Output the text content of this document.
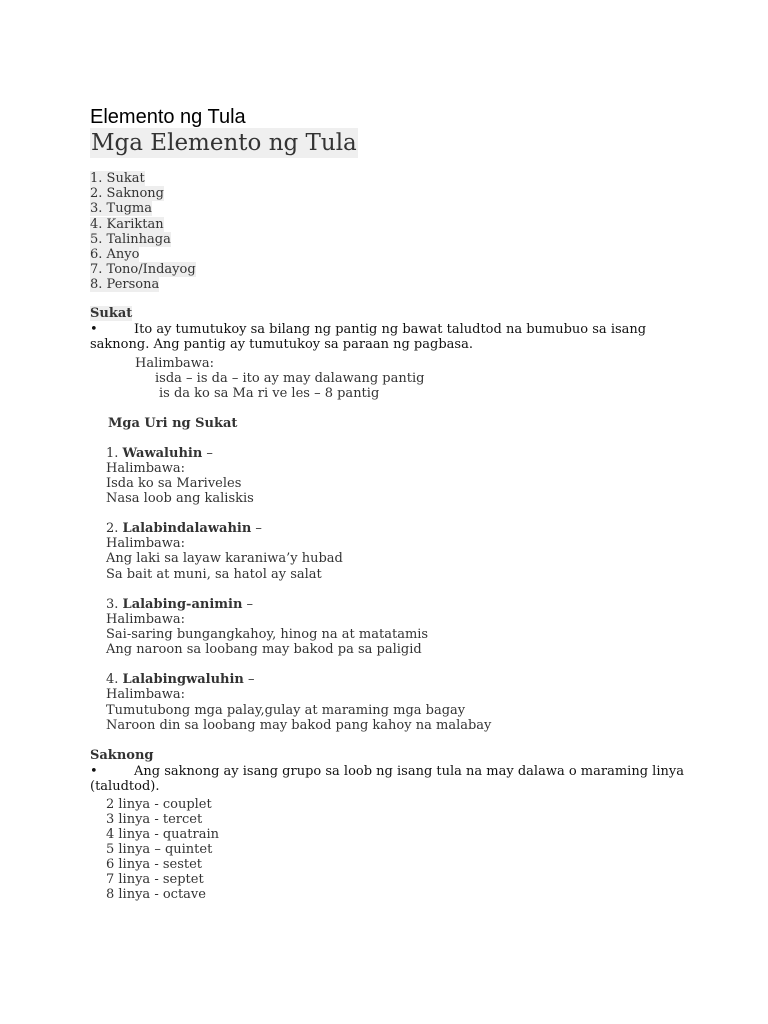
Elemento ng Tula
Mga Elemento ng Tula
1. Sukat
2. Saknong
3. Tugma
4. Kariktan
5. Talinhaga
6. Anyo
7. Tono/Indayog
8. Persona
Sukat
•	Ito ay tumutukoy sa bilang ng pantig ng bawat taludtod na bumubuo sa isang saknong. Ang pantig ay tumutukoy sa paraan ng pagbasa.
Halimbawa:
isda – is da – ito ay may dalawang pantig
is da ko sa Ma ri ve les – 8 pantig
Mga Uri ng Sukat
1. Wawaluhin –
Halimbawa:
Isda ko sa Mariveles
Nasa loob ang kaliskis
2. Lalabindalawahin –
Halimbawa:
Ang laki sa layaw karaniwa’y hubad
Sa bait at muni, sa hatol ay salat
3. Lalabing-animin –
Halimbawa:
Sai-saring bungangkahoy, hinog na at matatamis
Ang naroon sa loobang may bakod pa sa paligid
4. Lalabingwaluhin –
Halimbawa:
Tumutubong mga palay,gulay at maraming mga bagay
Naroon din sa loobang may bakod pang kahoy na malabay
Saknong
•	Ang saknong ay isang grupo sa loob ng isang tula na may dalawa o maraming linya (taludtod).
2 linya - couplet
3 linya - tercet
4 linya - quatrain
5 linya – quintet
6 linya - sestet
7 linya - septet
8 linya - octave
